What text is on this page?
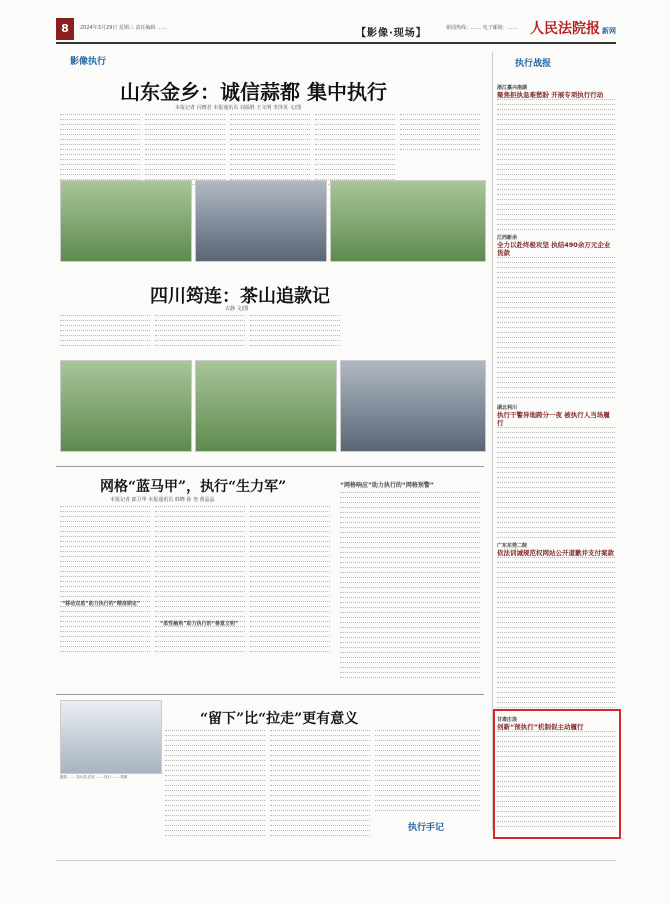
8	2024年3月29日 星期三 责任编辑 ……	【影像·现场】	新闻热线：…… 电子邮箱：…… 人民法院报 新网
影像执行
山东金乡：诚信蒜都 集中执行
本报记者 闫晓君 本报通讯员 刘福胜 王文明 李泽英 文/图
四川筠连：茶山追款记
古静 文/图
网格“蓝马甲”，执行“生力军”
本报记者 郎卫华 本报通讯员 韩晓 孙 尧 黄晶晶
“移动双盾”助力执行的“精准锁定”
“柔性触角”助力执行的“善意文明”
“网格响应”助力执行的“网格预警”
摄影 …… 执行局 法官 …… 执行 …… 郑明
“留下”比“拉走”更有意义
执行手记
执行战报
浙江嘉兴南湖
聚焦拒执急难愁盼 开展专项执行行动
江西新余
全力以赴终极攻坚 执结490余万元企业货款
湖北利川
执行干警异地跨分一夜 被执行人当场履行
广东东莞二院
依法训诫规范权网站公开道歉并支付案款
甘肃庄浪
创新“预执行”机制促主动履行
